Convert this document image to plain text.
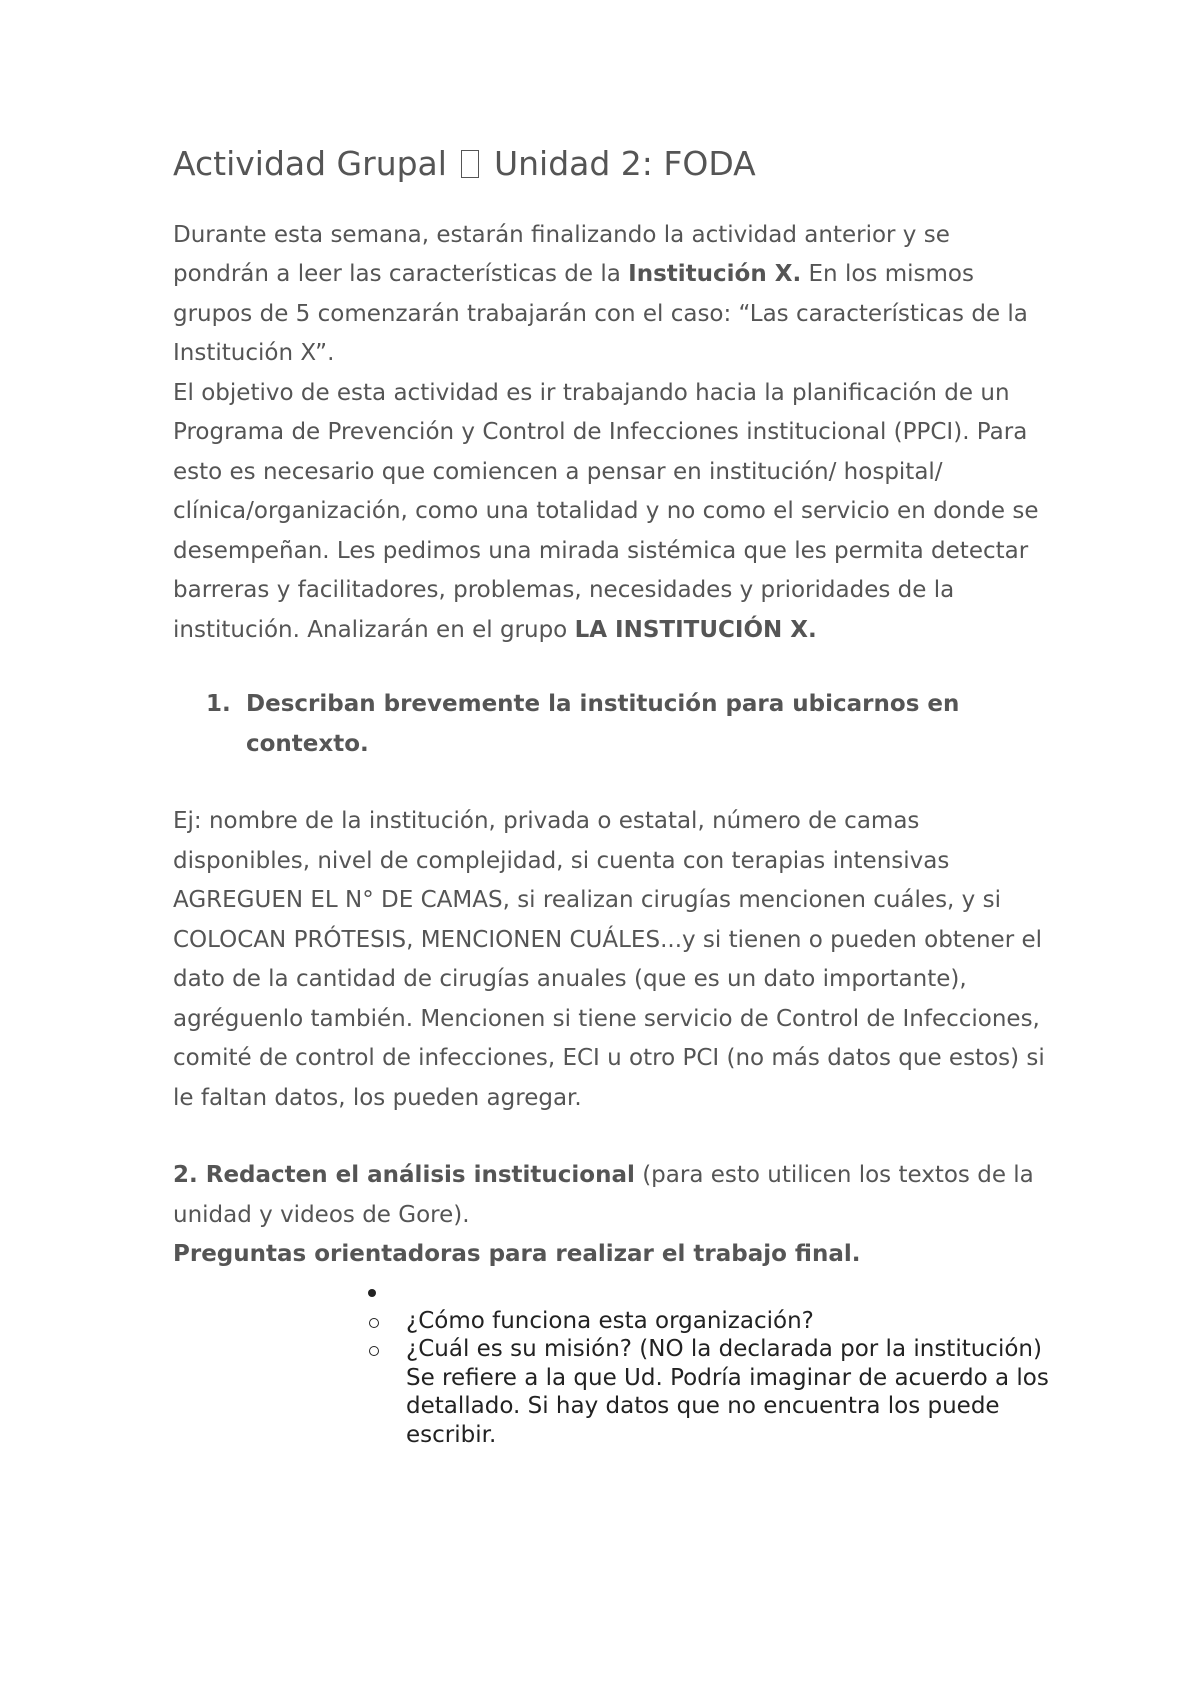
Actividad Grupal Unidad 2: FODA

Durante esta semana, estarán finalizando la actividad anterior y se pondrán a leer las características de la Institución X. En los mismos grupos de 5 comenzarán trabajarán con el caso: “Las características de la Institución X”.

El objetivo de esta actividad es ir trabajando hacia la planificación de un Programa de Prevención y Control de Infecciones institucional (PPCI). Para esto es necesario que comiencen a pensar en institución/ hospital/ clínica/organización, como una totalidad y no como el servicio en donde se desempeñan. Les pedimos una mirada sistémica que les permita detectar barreras y facilitadores, problemas, necesidades y prioridades de la institución. Analizarán en el grupo LA INSTITUCIÓN X.

1. Describan brevemente la institución para ubicarnos en contexto.

Ej: nombre de la institución, privada o estatal, número de camas disponibles, nivel de complejidad, si cuenta con terapias intensivas AGREGUEN EL N° DE CAMAS, si realizan cirugías mencionen cuáles, y si COLOCAN PRÓTESIS, MENCIONEN CUÁLES...y si tienen o pueden obtener el dato de la cantidad de cirugías anuales (que es un dato importante), agréguenlo también. Mencionen si tiene servicio de Control de Infecciones, comité de control de infecciones, ECI u otro PCI (no más datos que estos) si le faltan datos, los pueden agregar.

2. Redacten el análisis institucional (para esto utilicen los textos de la unidad y videos de Gore).

Preguntas orientadoras para realizar el trabajo final.

¿Cómo funciona esta organización?

¿Cuál es su misión? (NO la declarada por la institución) Se refiere a la que Ud. Podría imaginar de acuerdo a los detallado. Si hay datos que no encuentra los puede escribir.
